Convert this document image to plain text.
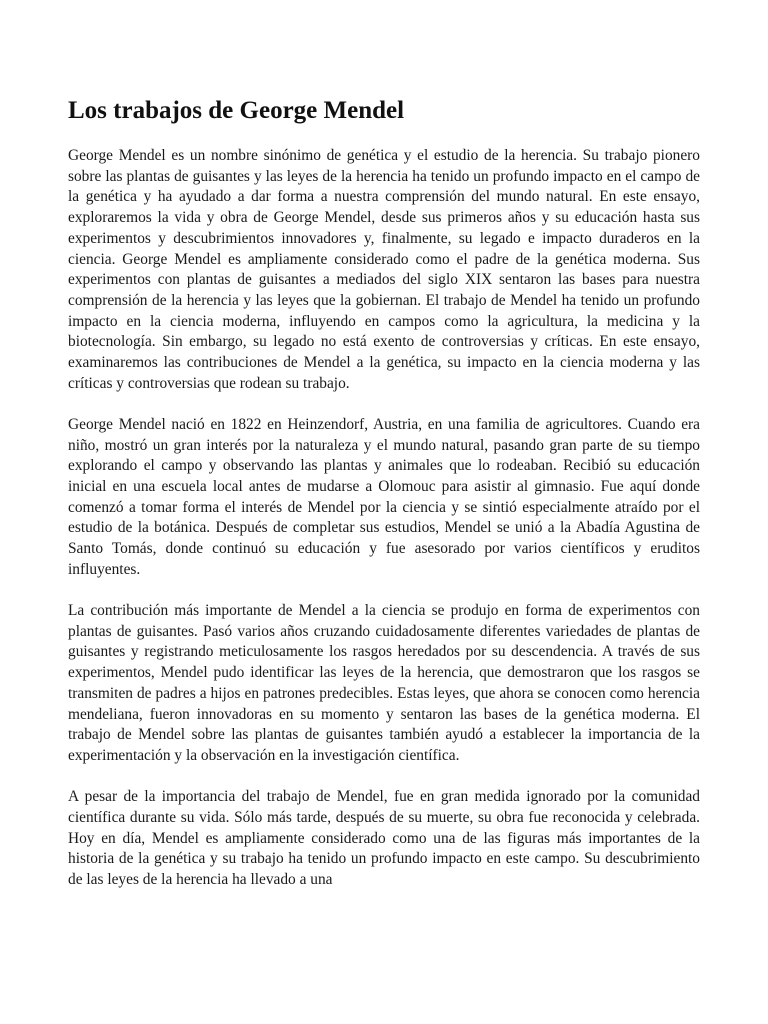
Los trabajos de George Mendel

George Mendel es un nombre sinónimo de genética y el estudio de la herencia. Su trabajo pionero sobre las plantas de guisantes y las leyes de la herencia ha tenido un profundo impacto en el campo de la genética y ha ayudado a dar forma a nuestra comprensión del mundo natural. En este ensayo, exploraremos la vida y obra de George Mendel, desde sus primeros años y su educación hasta sus experimentos y descubrimientos innovadores y, finalmente, su legado e impacto duraderos en la ciencia. George Mendel es ampliamente considerado como el padre de la genética moderna. Sus experimentos con plantas de guisantes a mediados del siglo XIX sentaron las bases para nuestra comprensión de la herencia y las leyes que la gobiernan. El trabajo de Mendel ha tenido un profundo impacto en la ciencia moderna, influyendo en campos como la agricultura, la medicina y la biotecnología. Sin embargo, su legado no está exento de controversias y críticas. En este ensayo, examinaremos las contribuciones de Mendel a la genética, su impacto en la ciencia moderna y las críticas y controversias que rodean su trabajo.

George Mendel nació en 1822 en Heinzendorf, Austria, en una familia de agricultores. Cuando era niño, mostró un gran interés por la naturaleza y el mundo natural, pasando gran parte de su tiempo explorando el campo y observando las plantas y animales que lo rodeaban. Recibió su educación inicial en una escuela local antes de mudarse a Olomouc para asistir al gimnasio. Fue aquí donde comenzó a tomar forma el interés de Mendel por la ciencia y se sintió especialmente atraído por el estudio de la botánica. Después de completar sus estudios, Mendel se unió a la Abadía Agustina de Santo Tomás, donde continuó su educación y fue asesorado por varios científicos y eruditos influyentes.

La contribución más importante de Mendel a la ciencia se produjo en forma de experimentos con plantas de guisantes. Pasó varios años cruzando cuidadosamente diferentes variedades de plantas de guisantes y registrando meticulosamente los rasgos heredados por su descendencia. A través de sus experimentos, Mendel pudo identificar las leyes de la herencia, que demostraron que los rasgos se transmiten de padres a hijos en patrones predecibles. Estas leyes, que ahora se conocen como herencia mendeliana, fueron innovadoras en su momento y sentaron las bases de la genética moderna. El trabajo de Mendel sobre las plantas de guisantes también ayudó a establecer la importancia de la experimentación y la observación en la investigación científica.

A pesar de la importancia del trabajo de Mendel, fue en gran medida ignorado por la comunidad científica durante su vida. Sólo más tarde, después de su muerte, su obra fue reconocida y celebrada. Hoy en día, Mendel es ampliamente considerado como una de las figuras más importantes de la historia de la genética y su trabajo ha tenido un profundo impacto en este campo. Su descubrimiento de las leyes de la herencia ha llevado a una
